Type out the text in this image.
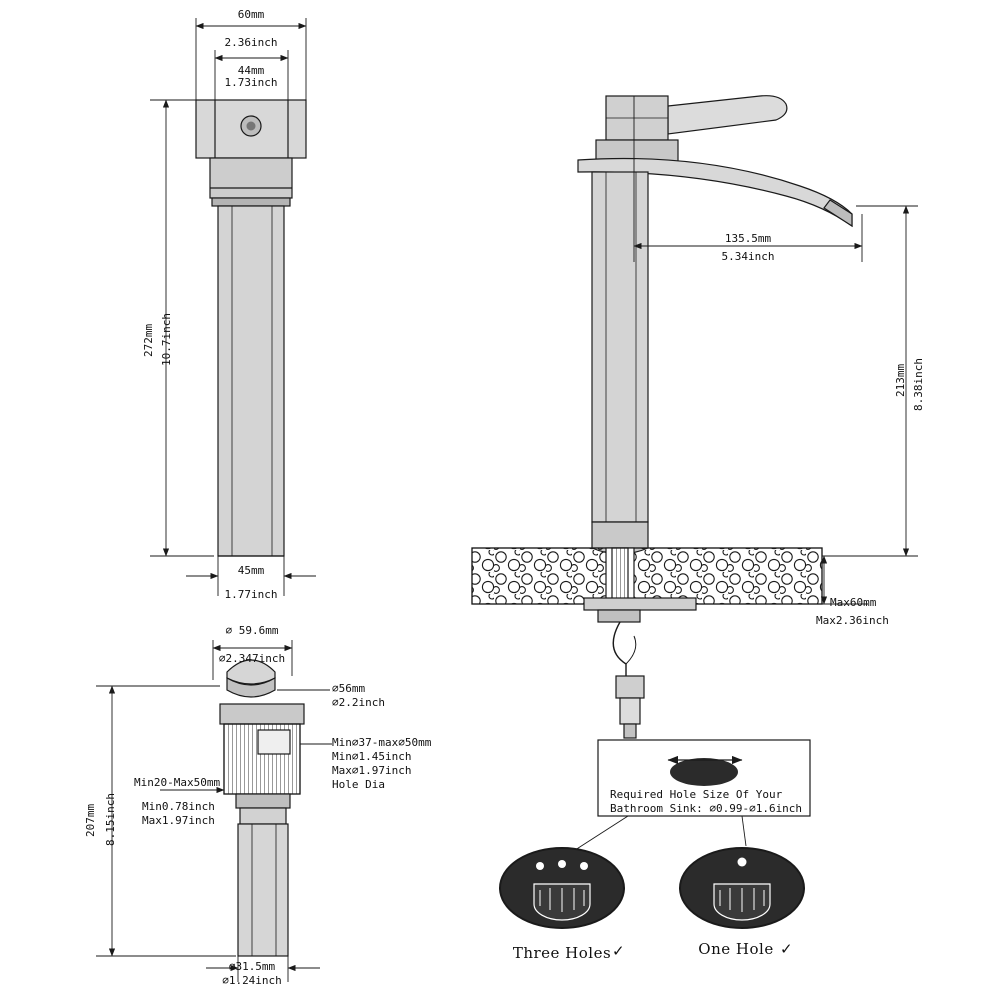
60mm
2.36inch
44mm
1.73inch
272mm 10.7inch
45mm
1.77inch
⌀ 59.6mm
⌀2.347inch
⌀56mm
⌀2.2inch
207mm 8.15inch
⌀31.5mm
⌀1.24inch
Min⌀37-max⌀50mm
Min⌀1.45inch
Max⌀1.97inch
Hole Dia
Min20-Max50mm
Min0.78inch
Max1.97inch
135.5mm
5.34inch
213mm 8.38inch
Max60mm
Max2.36inch
Required Hole Size Of Your
Bathroom Sink: ⌀0.99-⌀1.6inch
Three Holes ✓	One Hole ✓
